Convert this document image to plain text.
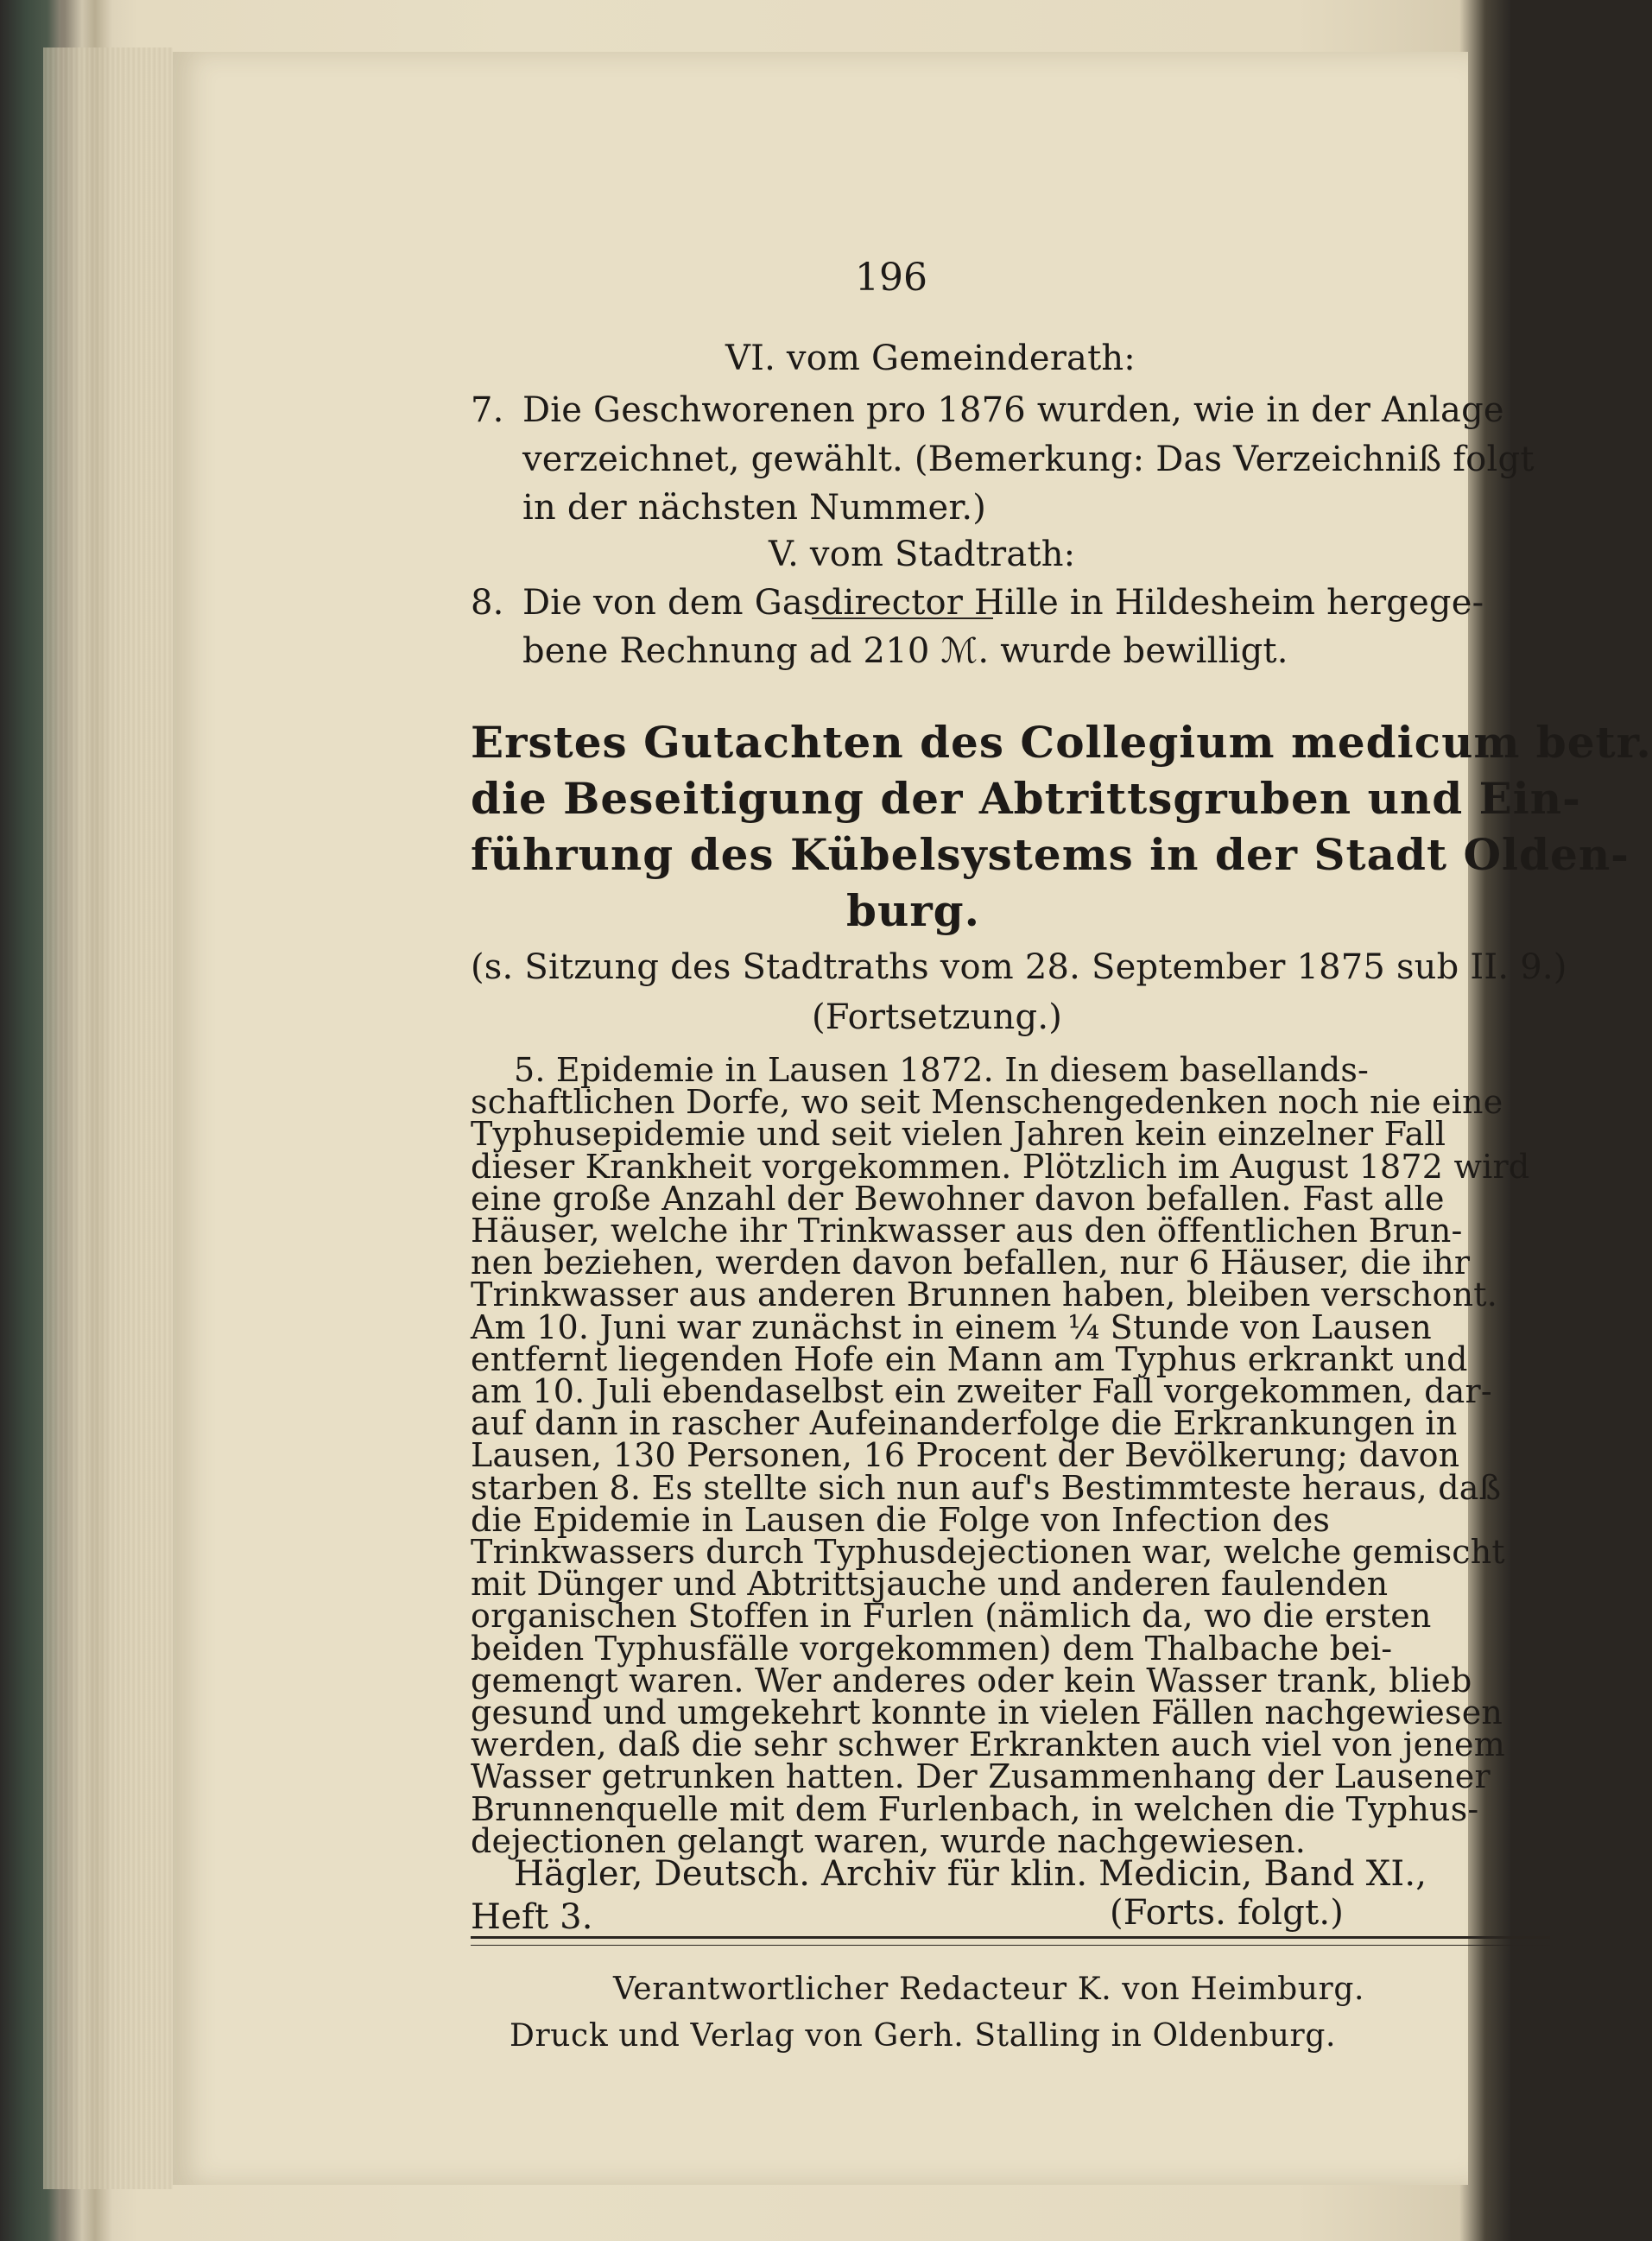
196
VI. vom Gemeinderath:
7. Die Geschworenen pro 1876 wurden, wie in der Anlage
verzeichnet, gewählt. (Bemerkung: Das Verzeichniß folgt
in der nächsten Nummer.)
V. vom Stadtrath:
8. Die von dem Gasdirector Hille in Hildesheim hergege-
bene Rechnung ad 210 ℳ. wurde bewilligt.
Erstes Gutachten des Collegium medicum betr.
die Beseitigung der Abtrittsgruben und Ein-
führung des Kübelsystems in der Stadt Olden-
burg.
(s. Sitzung des Stadtraths vom 28. September 1875 sub II. 9.)
(Fortsetzung.)
5. Epidemie in Lausen 1872. In diesem basellands-
schaftlichen Dorfe, wo seit Menschengedenken noch nie eine
Typhusepidemie und seit vielen Jahren kein einzelner Fall
dieser Krankheit vorgekommen. Plötzlich im August 1872 wird
eine große Anzahl der Bewohner davon befallen. Fast alle
Häuser, welche ihr Trinkwasser aus den öffentlichen Brun-
nen beziehen, werden davon befallen, nur 6 Häuser, die ihr
Trinkwasser aus anderen Brunnen haben, bleiben verschont.
Am 10. Juni war zunächst in einem ¼ Stunde von Lausen
entfernt liegenden Hofe ein Mann am Typhus erkrankt und
am 10. Juli ebendaselbst ein zweiter Fall vorgekommen, dar-
auf dann in rascher Aufeinanderfolge die Erkrankungen in
Lausen, 130 Personen, 16 Procent der Bevölkerung; davon
starben 8. Es stellte sich nun auf's Bestimmteste heraus, daß
die Epidemie in Lausen die Folge von Infection des
Trinkwassers durch Typhusdejectionen war, welche gemischt
mit Dünger und Abtrittsjauche und anderen faulenden
organischen Stoffen in Furlen (nämlich da, wo die ersten
beiden Typhusfälle vorgekommen) dem Thalbache bei-
gemengt waren. Wer anderes oder kein Wasser trank, blieb
gesund und umgekehrt konnte in vielen Fällen nachgewiesen
werden, daß die sehr schwer Erkrankten auch viel von jenem
Wasser getrunken hatten. Der Zusammenhang der Lausener
Brunnenquelle mit dem Furlenbach, in welchen die Typhus-
dejectionen gelangt waren, wurde nachgewiesen.
Hägler, Deutsch. Archiv für klin. Medicin, Band XI.,
Heft 3.	(Forts. folgt.)
Verantwortlicher Redacteur K. von Heimburg.
Druck und Verlag von Gerh. Stalling in Oldenburg.
